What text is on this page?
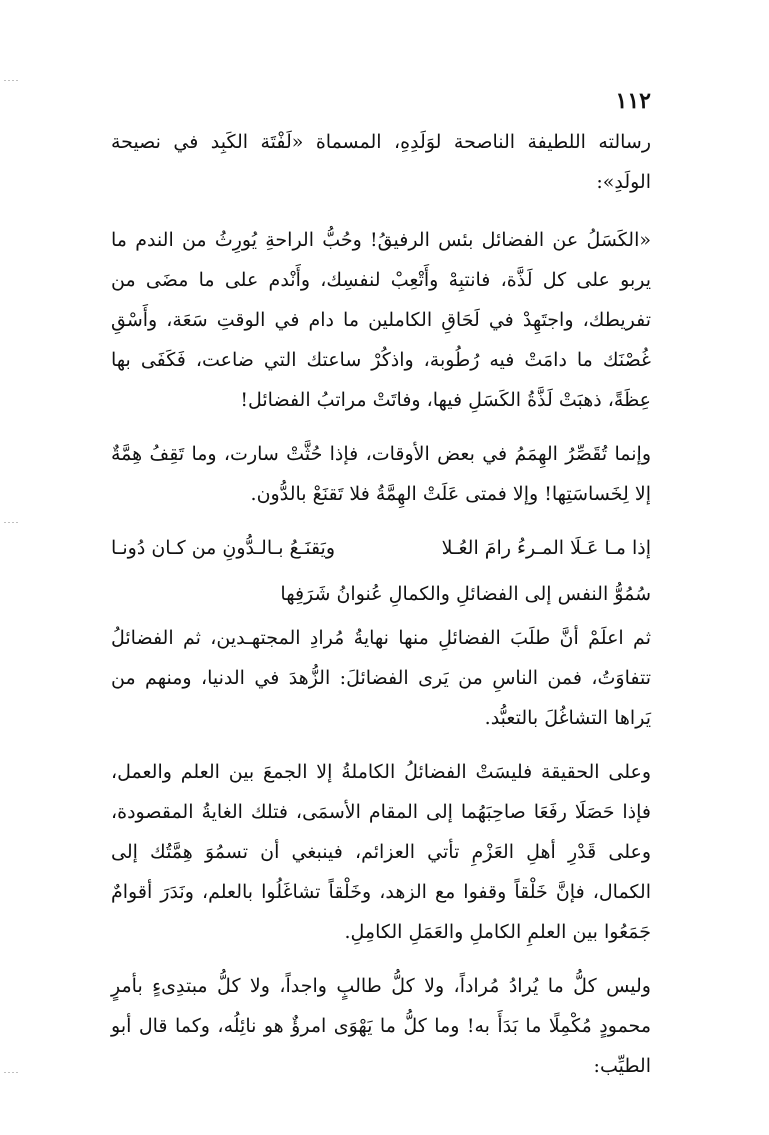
١١٢

رسالته اللطيفة الناصحة لوَلَدِهِ، المسماة «لَفْتَة الكَبِد في نصيحة الولَدِ»:

«الكَسَلُ عن الفضائل بئس الرفيقُ! وحُبُّ الراحةِ يُورِثُ من الندم ما يربو على كل لَذَّة، فانتبِهْ وأَتْعِبْ لنفسِك، وأَنْدم على ما مضَى من تفريطك، واجتَهِدْ في لَحَاقِ الكاملين ما دام في الوقتِ سَعَة، وأَسْقِ غُصْنَك ما دامَتْ فيه رُطُوبة، واذكُرْ ساعتك التي ضاعت، فَكَفَى بها عِظَةً، ذهبَتْ لَذَّةُ الكَسَلِ فيها، وفاتَتْ مراتبُ الفضائل!

وإنما تُقَصِّرُ الهِمَمُ في بعض الأوقات، فإذا حُثَّتْ سارت، وما تَقِفُ هِمَّةٌ إلا لِخَساسَتِها! وإلا فمتى عَلَتْ الهِمَّةُ فلا تَقنَعْ بالدُّون.

إذا مـا عَـلَا المـرءُ رامَ العُـلا
ويَقنَـعُ بـالـدُّونِ من كـان دُونـا
سُمُوُّ النفس إلى الفضائلِ والكمالِ عُنوانُ شَرَفِها

ثم اعلَمْ أنَّ طلَبَ الفضائلِ منها نهايةُ مُرادِ المجتهـدين، ثم الفضائلُ تتفاوَتُ، فمن الناسِ من يَرى الفضائلَ: الزُّهدَ في الدنيا، ومنهم من يَراها التشاغُلَ بالتعبُّد.

وعلى الحقيقة فليسَتْ الفضائلُ الكاملةُ إلا الجمعَ بين العلم والعمل، فإذا حَصَلَا رفَعَا صاحِبَهُما إلى المقام الأسمَى، فتلك الغايةُ المقصودة، وعلى قَدْرِ أهلِ العَزْمِ تأتي العزائم، فينبغي أن تسمُوَ هِمَّتُك إلى الكمال، فإنَّ خَلْقاً وقفوا مع الزهد، وخَلْقاً تشاغَلُوا بالعلم، ونَدَرَ أقوامٌ جَمَعُوا بين العلمِ الكاملِ والعَمَلِ الكامِلِ.

وليس كلُّ ما يُرادُ مُراداً، ولا كلُّ طالبٍ واجداً، ولا كلُّ مبتدِىءٍ بأمرٍ محمودٍ مُكْمِلًا ما بَدَأَ به! وما كلُّ ما يَهْوَى امرؤٌ هو نائِلُه، وكما قال أبو الطيِّب:
